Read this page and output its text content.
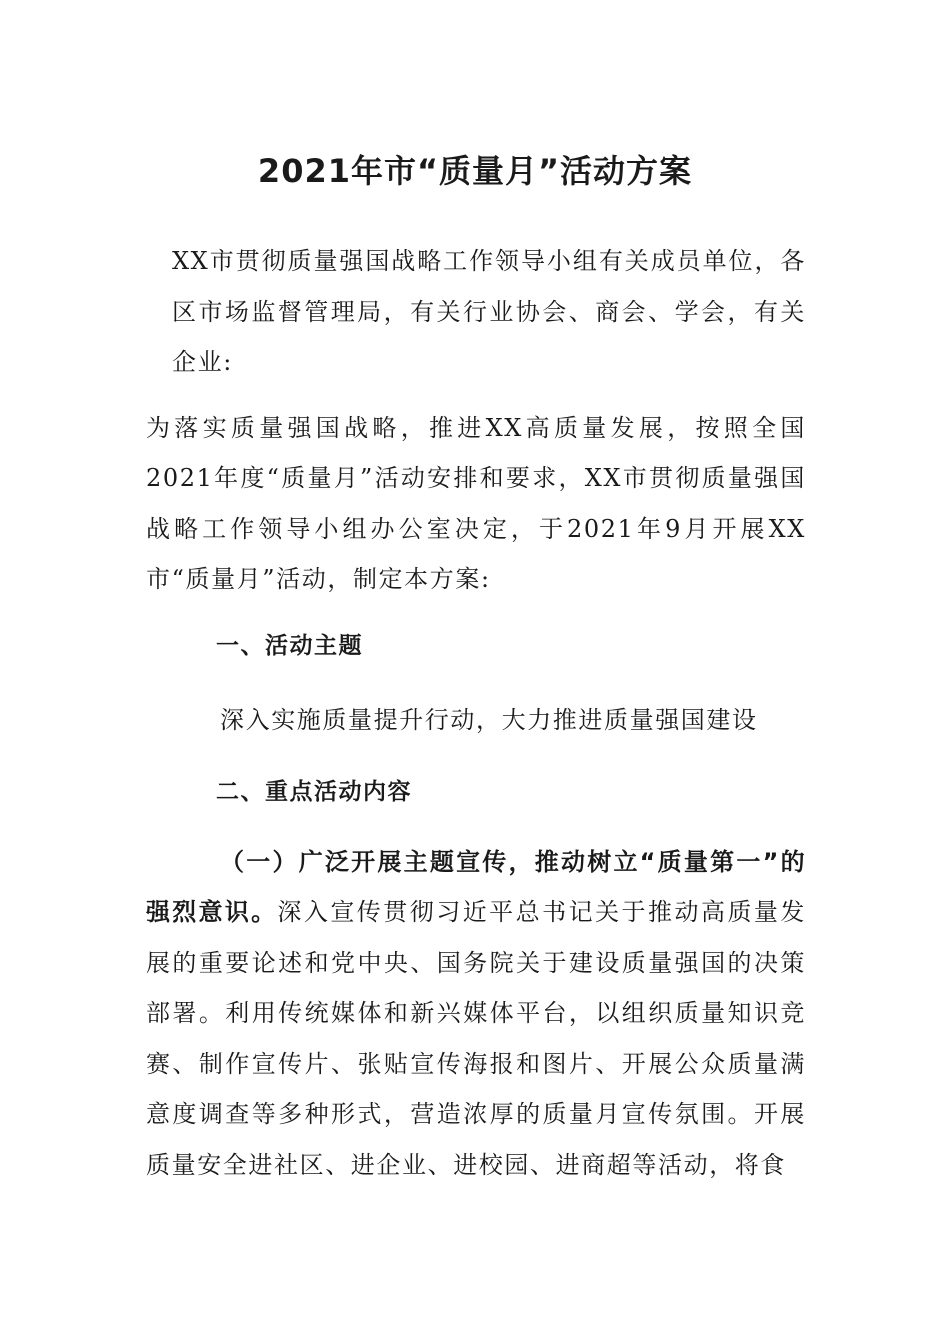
2021年市“质量月”活动方案

XX市贯彻质量强国战略工作领导小组有关成员单位，各区市场监督管理局，有关行业协会、商会、学会，有关企业:

为落实质量强国战略，推进XX高质量发展，按照全国2021年度“质量月”活动安排和要求，XX市贯彻质量强国战略工作领导小组办公室决定，于2021年9月开展XX市“质量月”活动，制定本方案:

一、活动主题

深入实施质量提升行动，大力推进质量强国建设

二、重点活动内容

（一）广泛开展主题宣传，推动树立“质量第一”的强烈意识。深入宣传贯彻习近平总书记关于推动高质量发展的重要论述和党中央、国务院关于建设质量强国的决策部署。利用传统媒体和新兴媒体平台，以组织质量知识竞赛、制作宣传片、张贴宣传海报和图片、开展公众质量满意度调查等多种形式，营造浓厚的质量月宣传氛围。开展质量安全进社区、进企业、进校园、进商超等活动，将食
